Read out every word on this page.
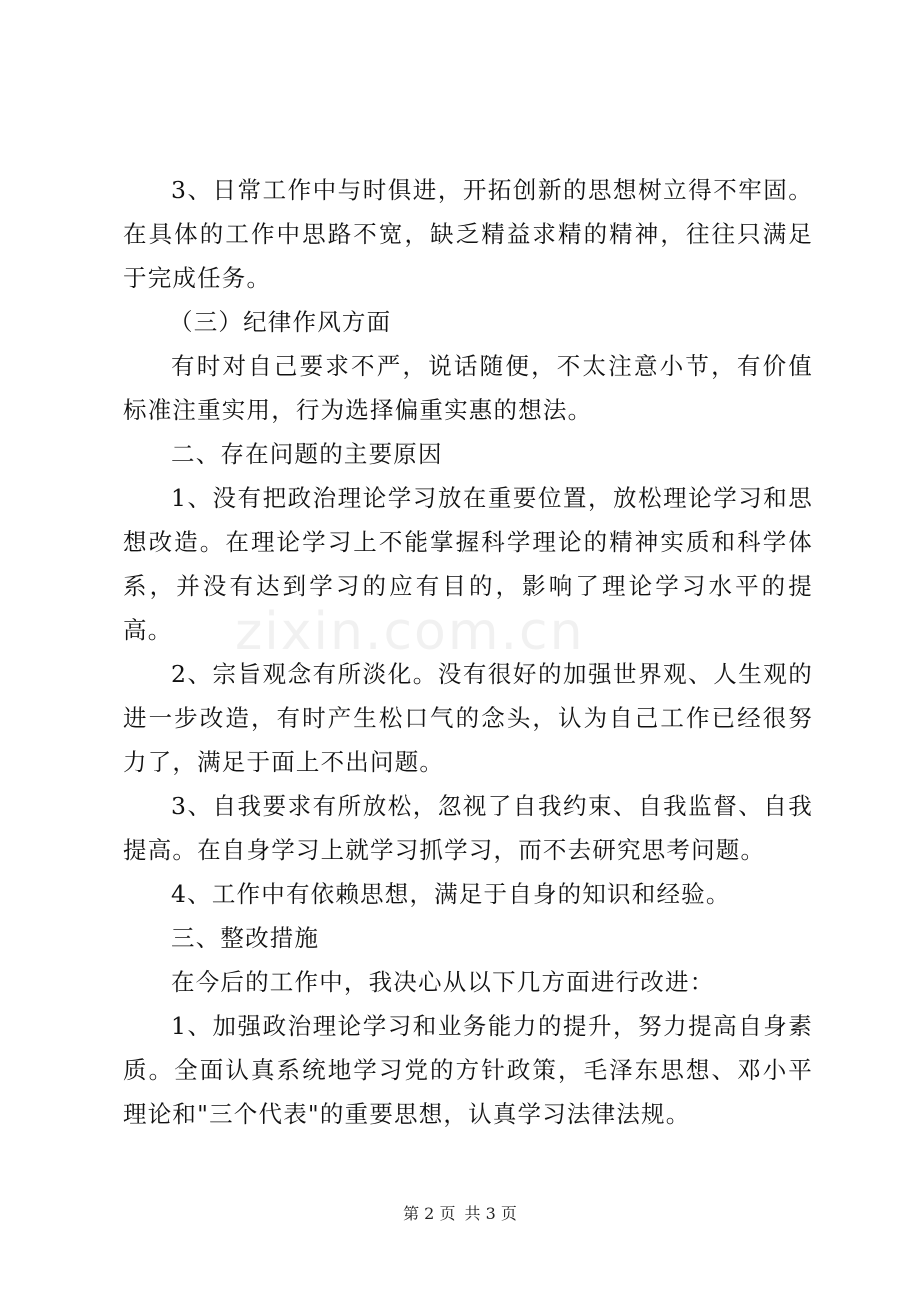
zixin.com.cn

3、日常工作中与时俱进，开拓创新的思想树立得不牢固。在具体的工作中思路不宽，缺乏精益求精的精神，往往只满足于完成任务。

（三）纪律作风方面

有时对自己要求不严，说话随便，不太注意小节，有价值标准注重实用，行为选择偏重实惠的想法。

二、存在问题的主要原因

1、没有把政治理论学习放在重要位置，放松理论学习和思想改造。在理论学习上不能掌握科学理论的精神实质和科学体系，并没有达到学习的应有目的，影响了理论学习水平的提高。

2、宗旨观念有所淡化。没有很好的加强世界观、人生观的进一步改造，有时产生松口气的念头，认为自己工作已经很努力了，满足于面上不出问题。

3、自我要求有所放松，忽视了自我约束、自我监督、自我提高。在自身学习上就学习抓学习，而不去研究思考问题。

4、工作中有依赖思想，满足于自身的知识和经验。

三、整改措施

在今后的工作中，我决心从以下几方面进行改进：

1、加强政治理论学习和业务能力的提升，努力提高自身素质。全面认真系统地学习党的方针政策，毛泽东思想、邓小平理论和"三个代表"的重要思想，认真学习法律法规。

第 2 页 共 3 页
